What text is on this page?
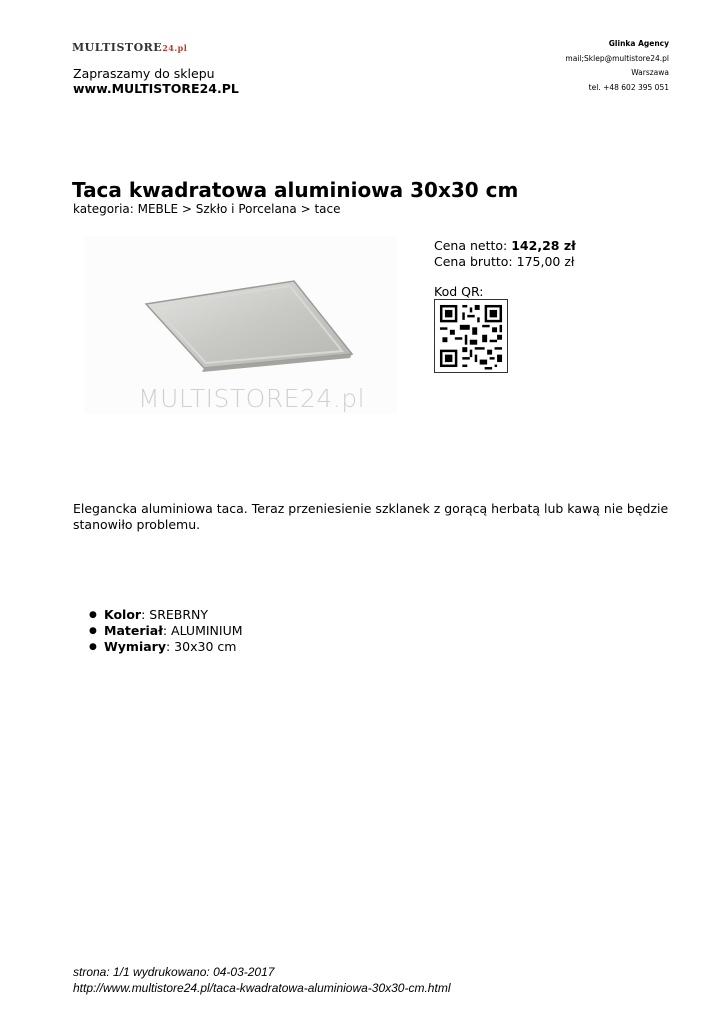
MULTISTORE24.pl
Zapraszamy do sklepu
www.MULTISTORE24.PL
Glinka Agency
mail;Sklep@multistore24.pl
Warszawa
tel. +48 602 395 051
Taca kwadratowa aluminiowa 30x30 cm
kategoria: MEBLE > Szkło i Porcelana > tace
MULTISTORE24.pl
Cena netto: 142,28 zł
Cena brutto: 175,00 zł
Kod QR:
Elegancka aluminiowa taca. Teraz przeniesienie szklanek z gorącą herbatą lub kawą nie będzie stanowiło problemu.
● Kolor: SREBRNY
● Materiał: ALUMINIUM
● Wymiary: 30x30 cm
strona: 1/1 wydrukowano: 04-03-2017
http://www.multistore24.pl/taca-kwadratowa-aluminiowa-30x30-cm.html
